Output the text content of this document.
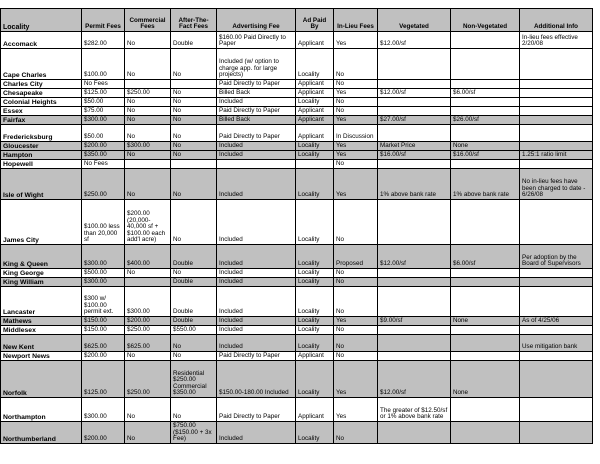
Locality	Permit Fees	Commercial Fees	After-The-Fact Fees	Advertising Fee	Ad Paid By	In-Lieu Fees	Vegetated	Non-Vegetated	Additional Info
Accomack	$282.00	No	Double	$160.00 Paid Directly to Paper	Applicant	Yes	$12.00/sf		In-lieu fees effective 2/20/08
Cape Charles	$100.00	No	No	Included (w/ option to charge app. for large projects)	Locality	No			
Charles City	No Fees			Paid Directly to Paper	Applicant	No			
Chesapeake	$125.00	$250.00	No	Billed Back	Applicant	Yes	$12.00/sf	$6.00/sf	
Colonial Heights	$50.00	No	No	Included	Locality	No			
Essex	$75.00	No	No	Paid Directly to Paper	Applicant	No			
Fairfax	$300.00	No	No	Billed Back	Applicant	Yes	$27.00/sf	$26.00/sf	
Fredericksburg	$50.00	No	No	Paid Directly to Paper	Applicant	In Discussion			
Gloucester	$200.00	$300.00	No	Included	Locality	Yes	Market Price	None	
Hampton	$350.00	No	No	Included	Locality	Yes	$16.00/sf	$16.00/sf	1.25:1 ratio limit
Hopewell	No Fees					No			
Isle of Wight	$250.00	No	No	Included	Locality	Yes	1% above bank rate	1% above bank rate	No in-lieu fees have been charged to date - 6/26/08
James City	$100.00 less than 20,000 sf	$200.00 (20,000-40,000 sf + $100.00 each add'l acre)	No	Included	Locality	No			
King & Queen	$300.00	$400.00	Double	Included	Locality	Proposed	$12.00/sf	$6.00/sf	Per adoption by the Board of Supervisors
King George	$500.00	No	No	Included	Locality	No			
King William	$300.00		Double	Included	Locality	No			
Lancaster	$300 w/ $100.00 permit ext.	$300.00	Double	Included	Locality	No			
Mathews	$150.00	$200.00	Double	Included	Locality	Yes	$9.00/sf	None	As of 4/25/06
Middlesex	$150.00	$250.00	$550.00	Included	Locality	No			
New Kent	$625.00	$625.00	No	Included	Locality	No			Use mitigation bank
Newport News	$200.00	No	No	Paid Directly to Paper	Applicant	No			
Norfolk	$125.00	$250.00	Residential $250.00 Commercial $350.00	$150.00-180.00 Included	Locality	Yes	$12.00/sf	None	
Northampton	$300.00	No	No	Paid Directly to Paper	Applicant	Yes	The greater of $12.50/sf or 1% above bank rate		
Northumberland	$200.00	No	$750.00 ($150.00 + 3x Fee)	Included	Locality	No			
